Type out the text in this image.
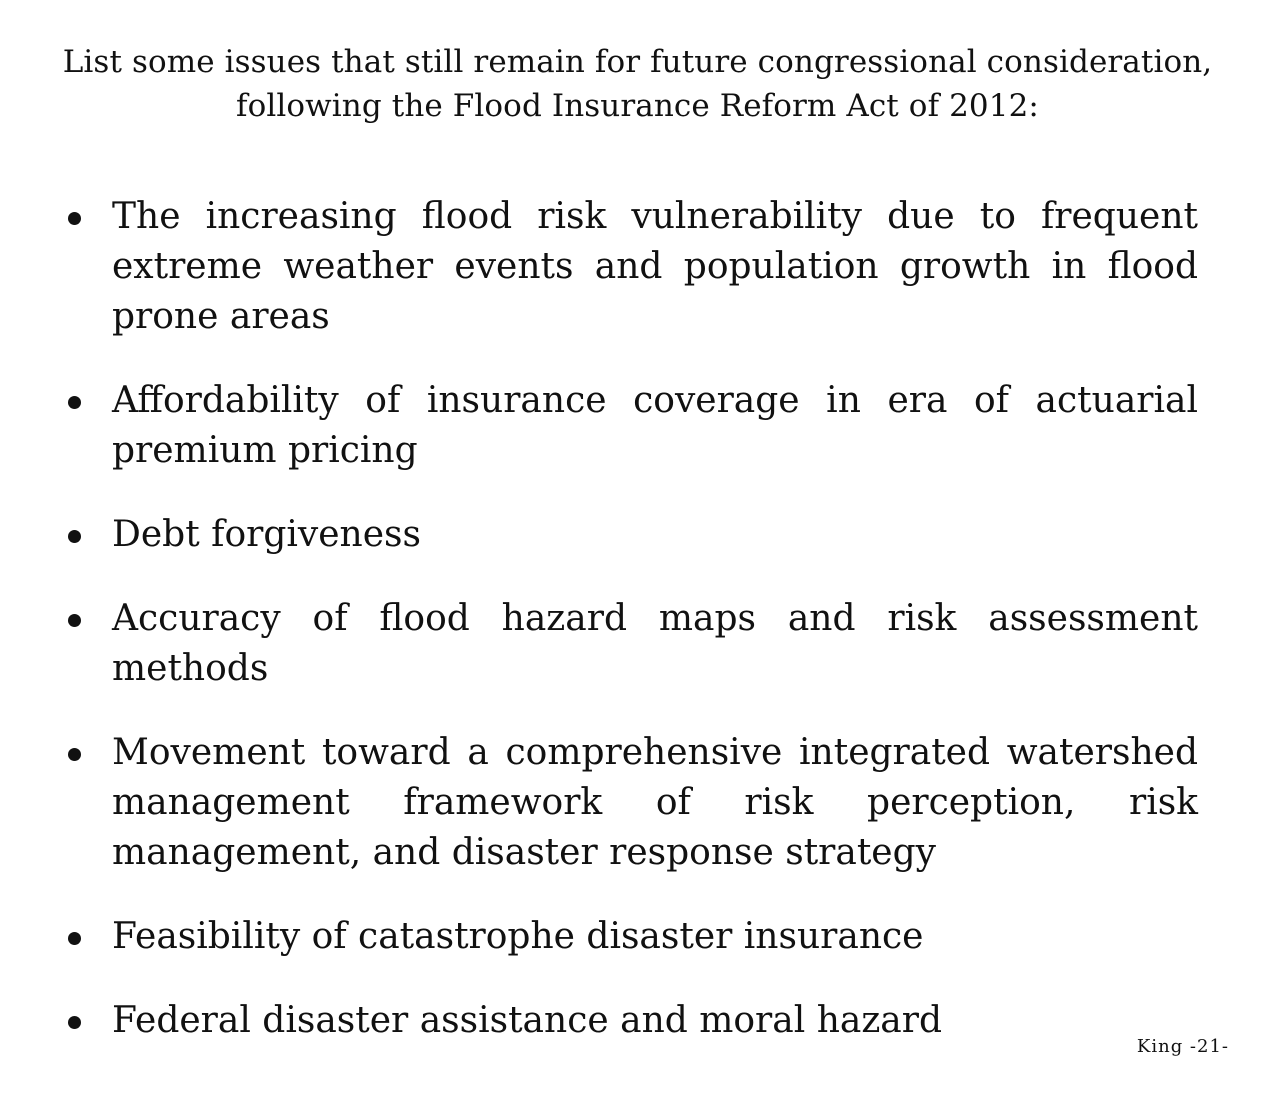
List some issues that still remain for future congressional consideration,
following the Flood Insurance Reform Act of 2012:
The increasing flood risk vulnerability due to frequent extreme weather events and population growth in flood prone areas
Affordability of insurance coverage in era of actuarial premium pricing
Debt forgiveness
Accuracy of flood hazard maps and risk assessment methods
Movement toward a comprehensive integrated watershed management framework of risk perception, risk management, and disaster response strategy
Feasibility of catastrophe disaster insurance
Federal disaster assistance and moral hazard
King -21-
